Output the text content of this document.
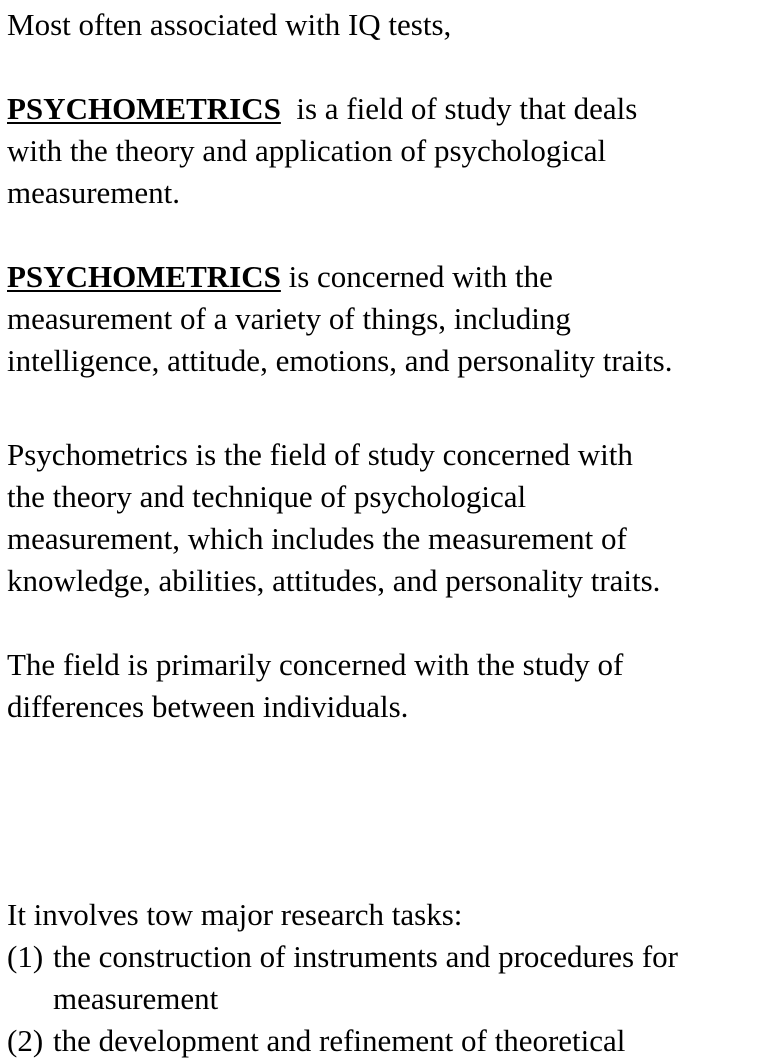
Most often associated with IQ tests,

PSYCHOMETRICS  is a field of study that deals

with the theory and application of psychological

measurement.

PSYCHOMETRICS is concerned with the

measurement of a variety of things, including

intelligence, attitude, emotions, and personality traits.

Psychometrics is the field of study concerned with

the theory and technique of psychological

measurement, which includes the measurement of

knowledge, abilities, attitudes, and personality traits.

The field is primarily concerned with the study of

differences between individuals.

It involves tow major research tasks:

(1) the construction of instruments and procedures for
measurement
(2) the development and refinement of theoretical
